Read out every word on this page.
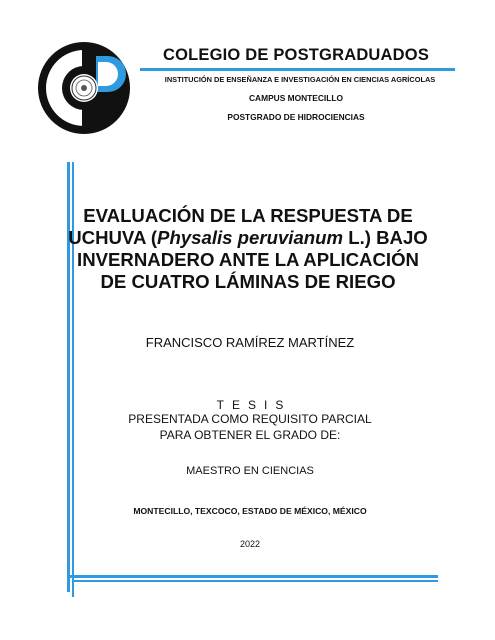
R
COLEGIO DE POSTGRADUADOS
INSTITUCIÓN DE ENSEÑANZA E INVESTIGACIÓN EN CIENCIAS AGRÍCOLAS
CAMPUS MONTECILLO
POSTGRADO DE HIDROCIENCIAS
EVALUACIÓN DE LA RESPUESTA DE UCHUVA (Physalis peruvianum L.) BAJO INVERNADERO ANTE LA APLICACIÓN DE CUATRO LÁMINAS DE RIEGO
FRANCISCO RAMÍREZ MARTÍNEZ
TESIS
PRESENTADA COMO REQUISITO PARCIAL
PARA OBTENER EL GRADO DE:
MAESTRO EN CIENCIAS
MONTECILLO, TEXCOCO, ESTADO DE MÉXICO, MÉXICO
2022
